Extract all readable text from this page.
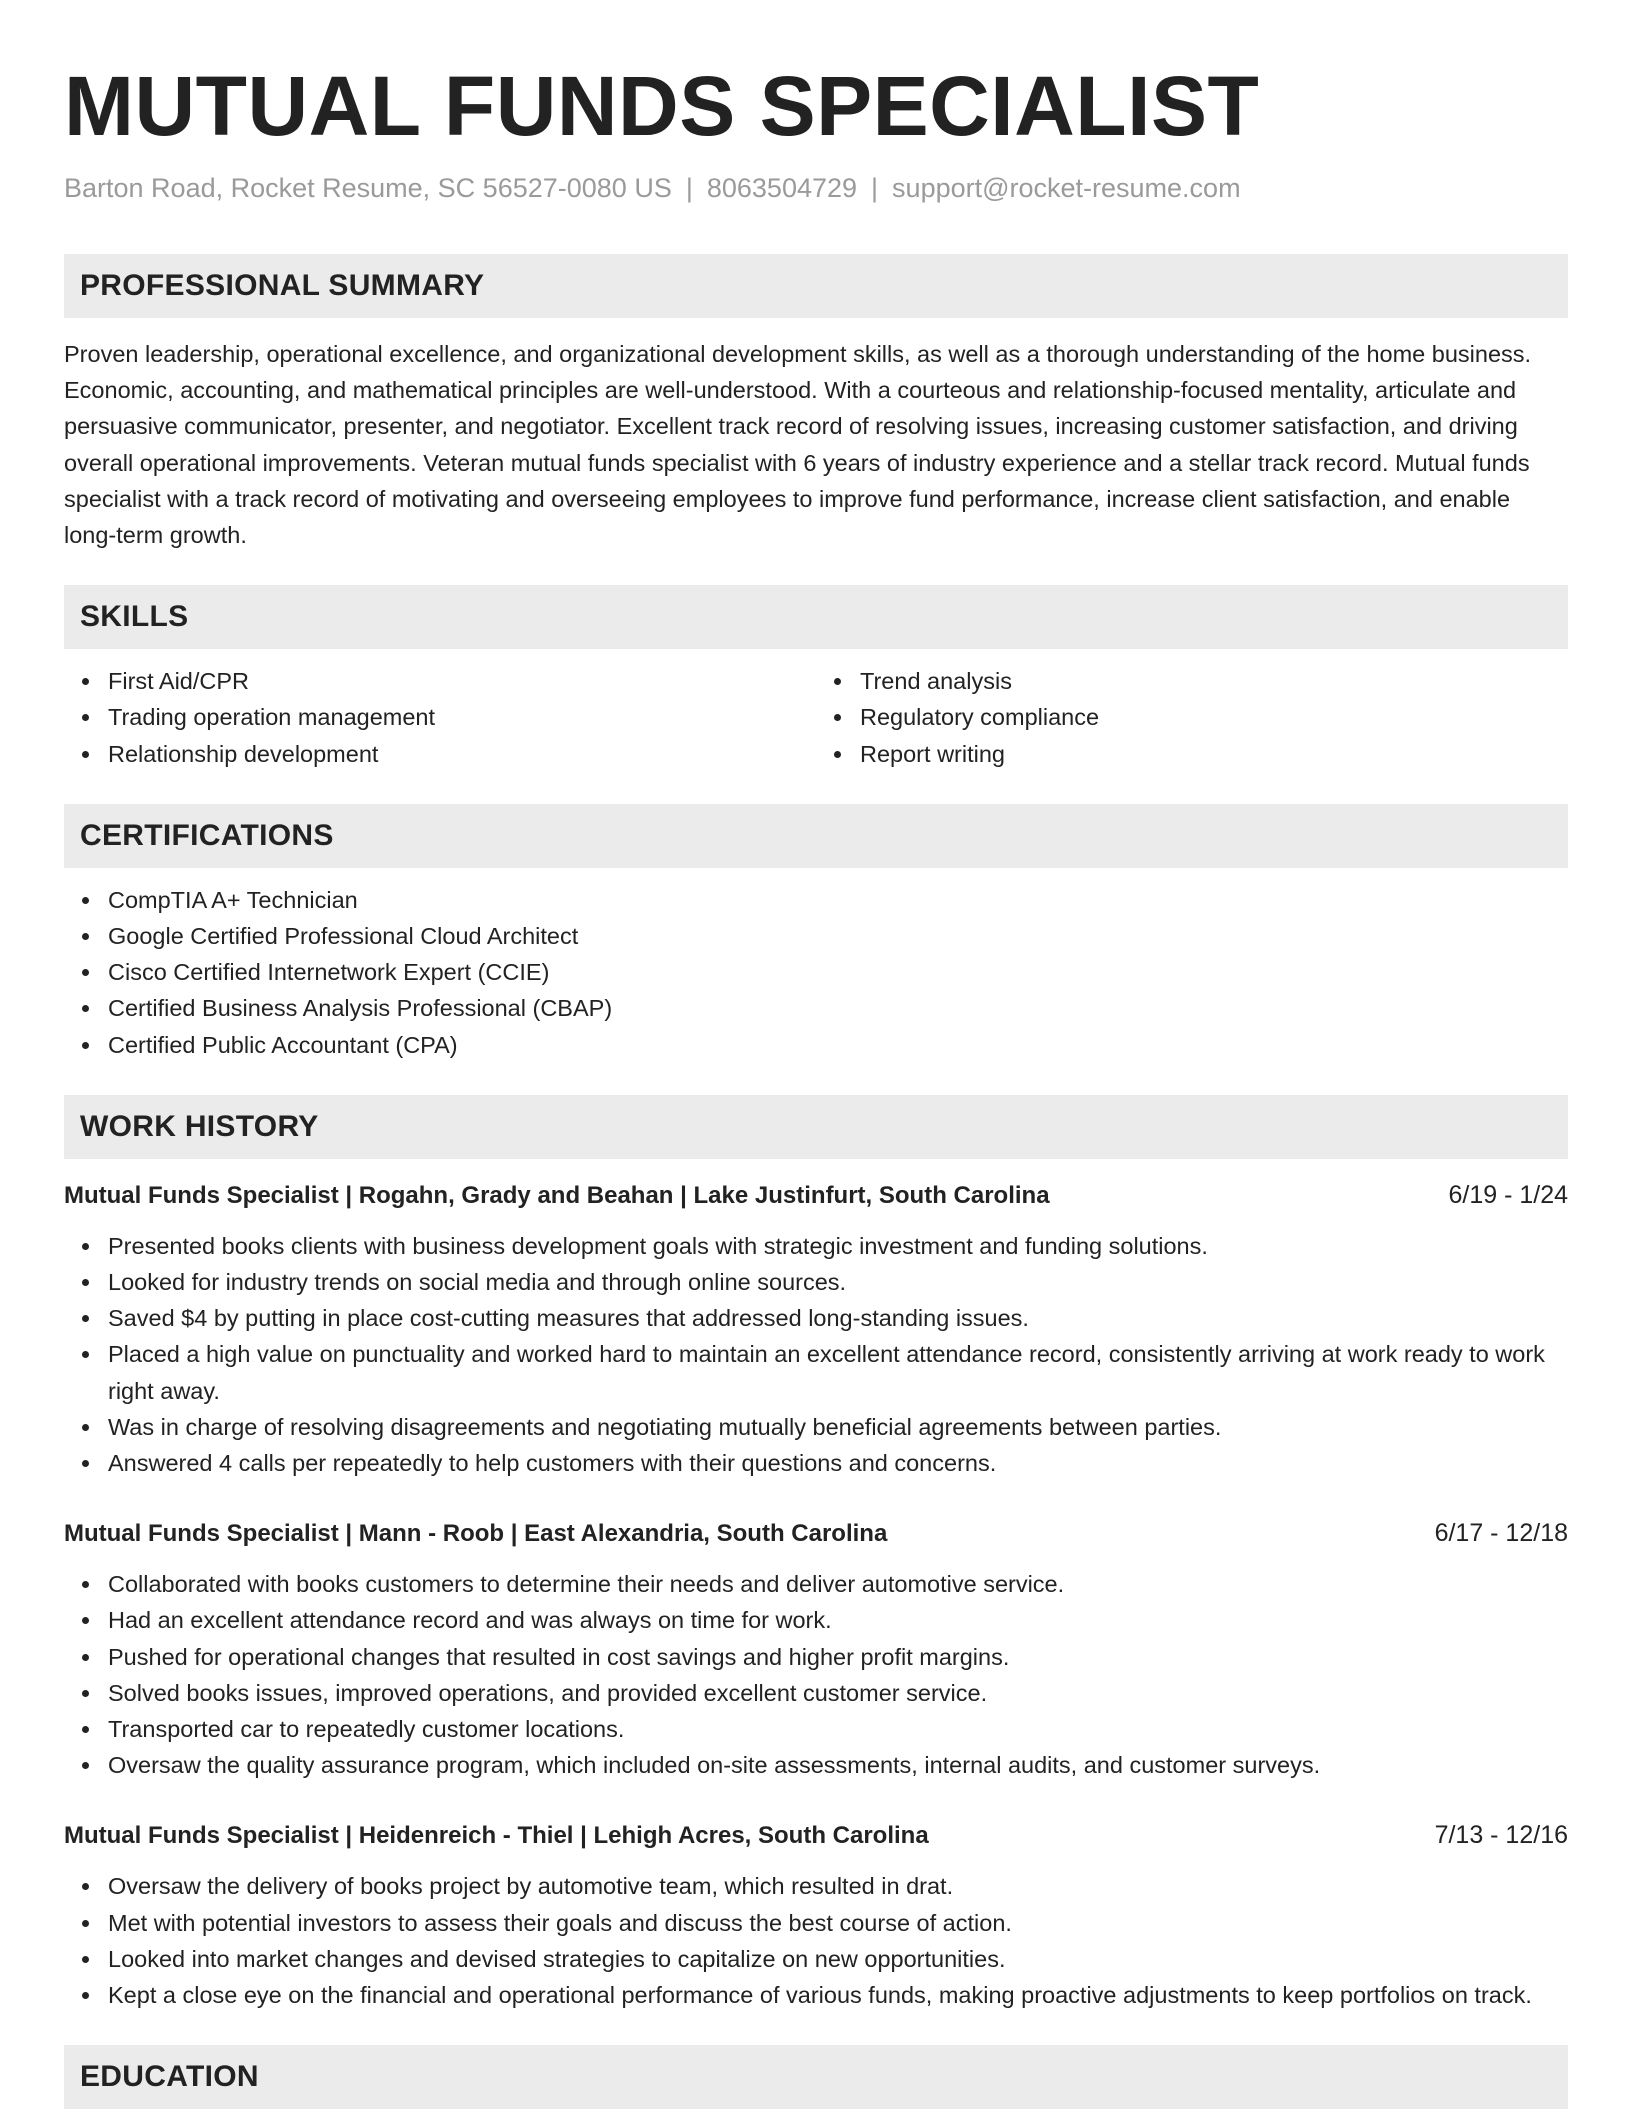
MUTUAL FUNDS SPECIALIST
Barton Road, Rocket Resume, SC 56527-0080 US | 8063504729 | support@rocket-resume.com
PROFESSIONAL SUMMARY

Proven leadership, operational excellence, and organizational development skills, as well as a thorough understanding of the home business. Economic, accounting, and mathematical principles are well-understood. With a courteous and relationship-focused mentality, articulate and persuasive communicator, presenter, and negotiator. Excellent track record of resolving issues, increasing customer satisfaction, and driving overall operational improvements. Veteran mutual funds specialist with 6 years of industry experience and a stellar track record. Mutual funds specialist with a track record of motivating and overseeing employees to improve fund performance, increase client satisfaction, and enable long-term growth.

SKILLS
First Aid/CPR
Trading operation management
Relationship development
Trend analysis
Regulatory compliance
Report writing
CERTIFICATIONS
CompTIA A+ Technician
Google Certified Professional Cloud Architect
Cisco Certified Internetwork Expert (CCIE)
Certified Business Analysis Professional (CBAP)
Certified Public Accountant (CPA)
WORK HISTORY
Mutual Funds Specialist | Rogahn, Grady and Beahan | Lake Justinfurt, South Carolina	6/19 - 1/24
Presented books clients with business development goals with strategic investment and funding solutions.
Looked for industry trends on social media and through online sources.
Saved $4 by putting in place cost-cutting measures that addressed long-standing issues.
Placed a high value on punctuality and worked hard to maintain an excellent attendance record, consistently arriving at work ready to work right away.
Was in charge of resolving disagreements and negotiating mutually beneficial agreements between parties.
Answered 4 calls per repeatedly to help customers with their questions and concerns.
Mutual Funds Specialist | Mann - Roob | East Alexandria, South Carolina	6/17 - 12/18
Collaborated with books customers to determine their needs and deliver automotive service.
Had an excellent attendance record and was always on time for work.
Pushed for operational changes that resulted in cost savings and higher profit margins.
Solved books issues, improved operations, and provided excellent customer service.
Transported car to repeatedly customer locations.
Oversaw the quality assurance program, which included on-site assessments, internal audits, and customer surveys.
Mutual Funds Specialist | Heidenreich - Thiel | Lehigh Acres, South Carolina	7/13 - 12/16
Oversaw the delivery of books project by automotive team, which resulted in drat.
Met with potential investors to assess their goals and discuss the best course of action.
Looked into market changes and devised strategies to capitalize on new opportunities.
Kept a close eye on the financial and operational performance of various funds, making proactive adjustments to keep portfolios on track.
EDUCATION
